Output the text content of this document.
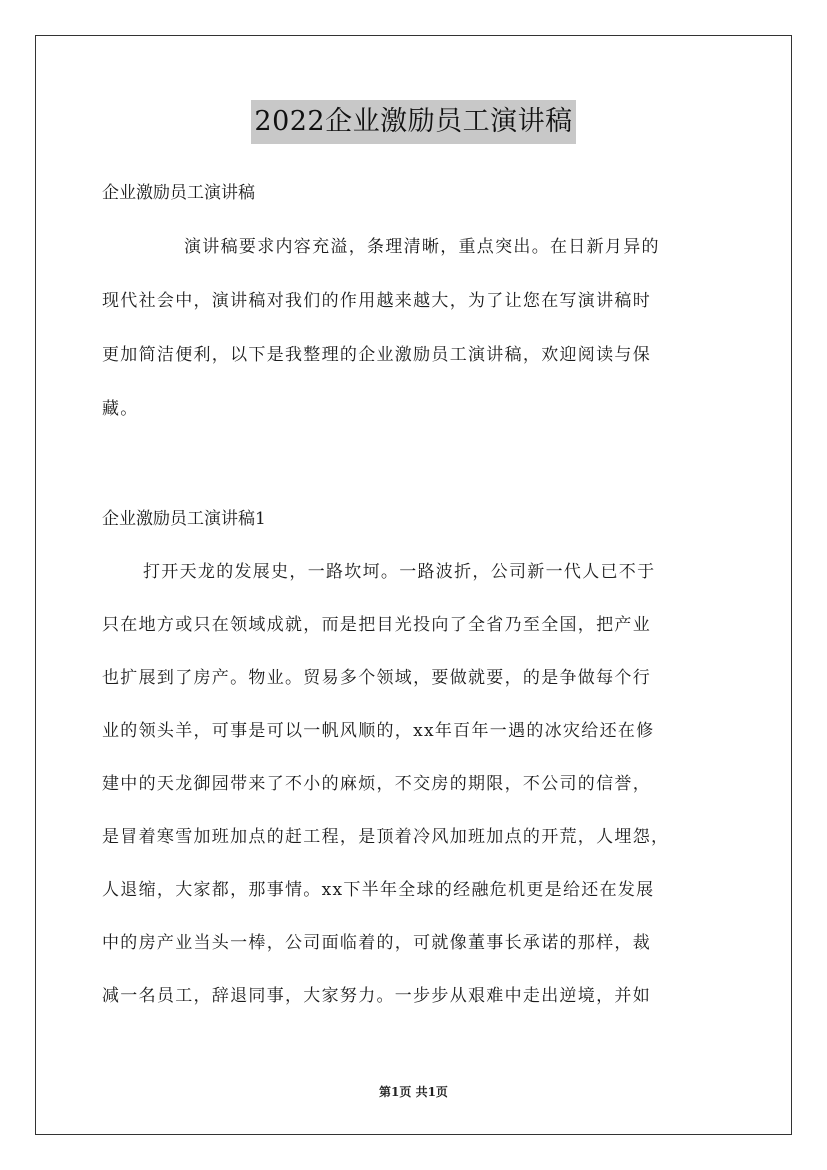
2022企业激励员工演讲稿
企业激励员工演讲稿
演讲稿要求内容充溢，条理清晰，重点突出。在日新月异的
现代社会中，演讲稿对我们的作用越来越大，为了让您在写演讲稿时
更加简洁便利，以下是我整理的企业激励员工演讲稿，欢迎阅读与保
藏。
企业激励员工演讲稿1
打开天龙的发展史，一路坎坷。一路波折，公司新一代人已不于
只在地方或只在领域成就，而是把目光投向了全省乃至全国，把产业
也扩展到了房产。物业。贸易多个领域，要做就要，的是争做每个行
业的领头羊，可事是可以一帆风顺的，xx年百年一遇的冰灾给还在修
建中的天龙御园带来了不小的麻烦，不交房的期限，不公司的信誉，
是冒着寒雪加班加点的赶工程，是顶着冷风加班加点的开荒，人埋怨，
人退缩，大家都，那事情。xx下半年全球的经融危机更是给还在发展
中的房产业当头一棒，公司面临着的，可就像董事长承诺的那样，裁
减一名员工，辞退同事，大家努力。一步步从艰难中走出逆境，并如
第1页 共1页
